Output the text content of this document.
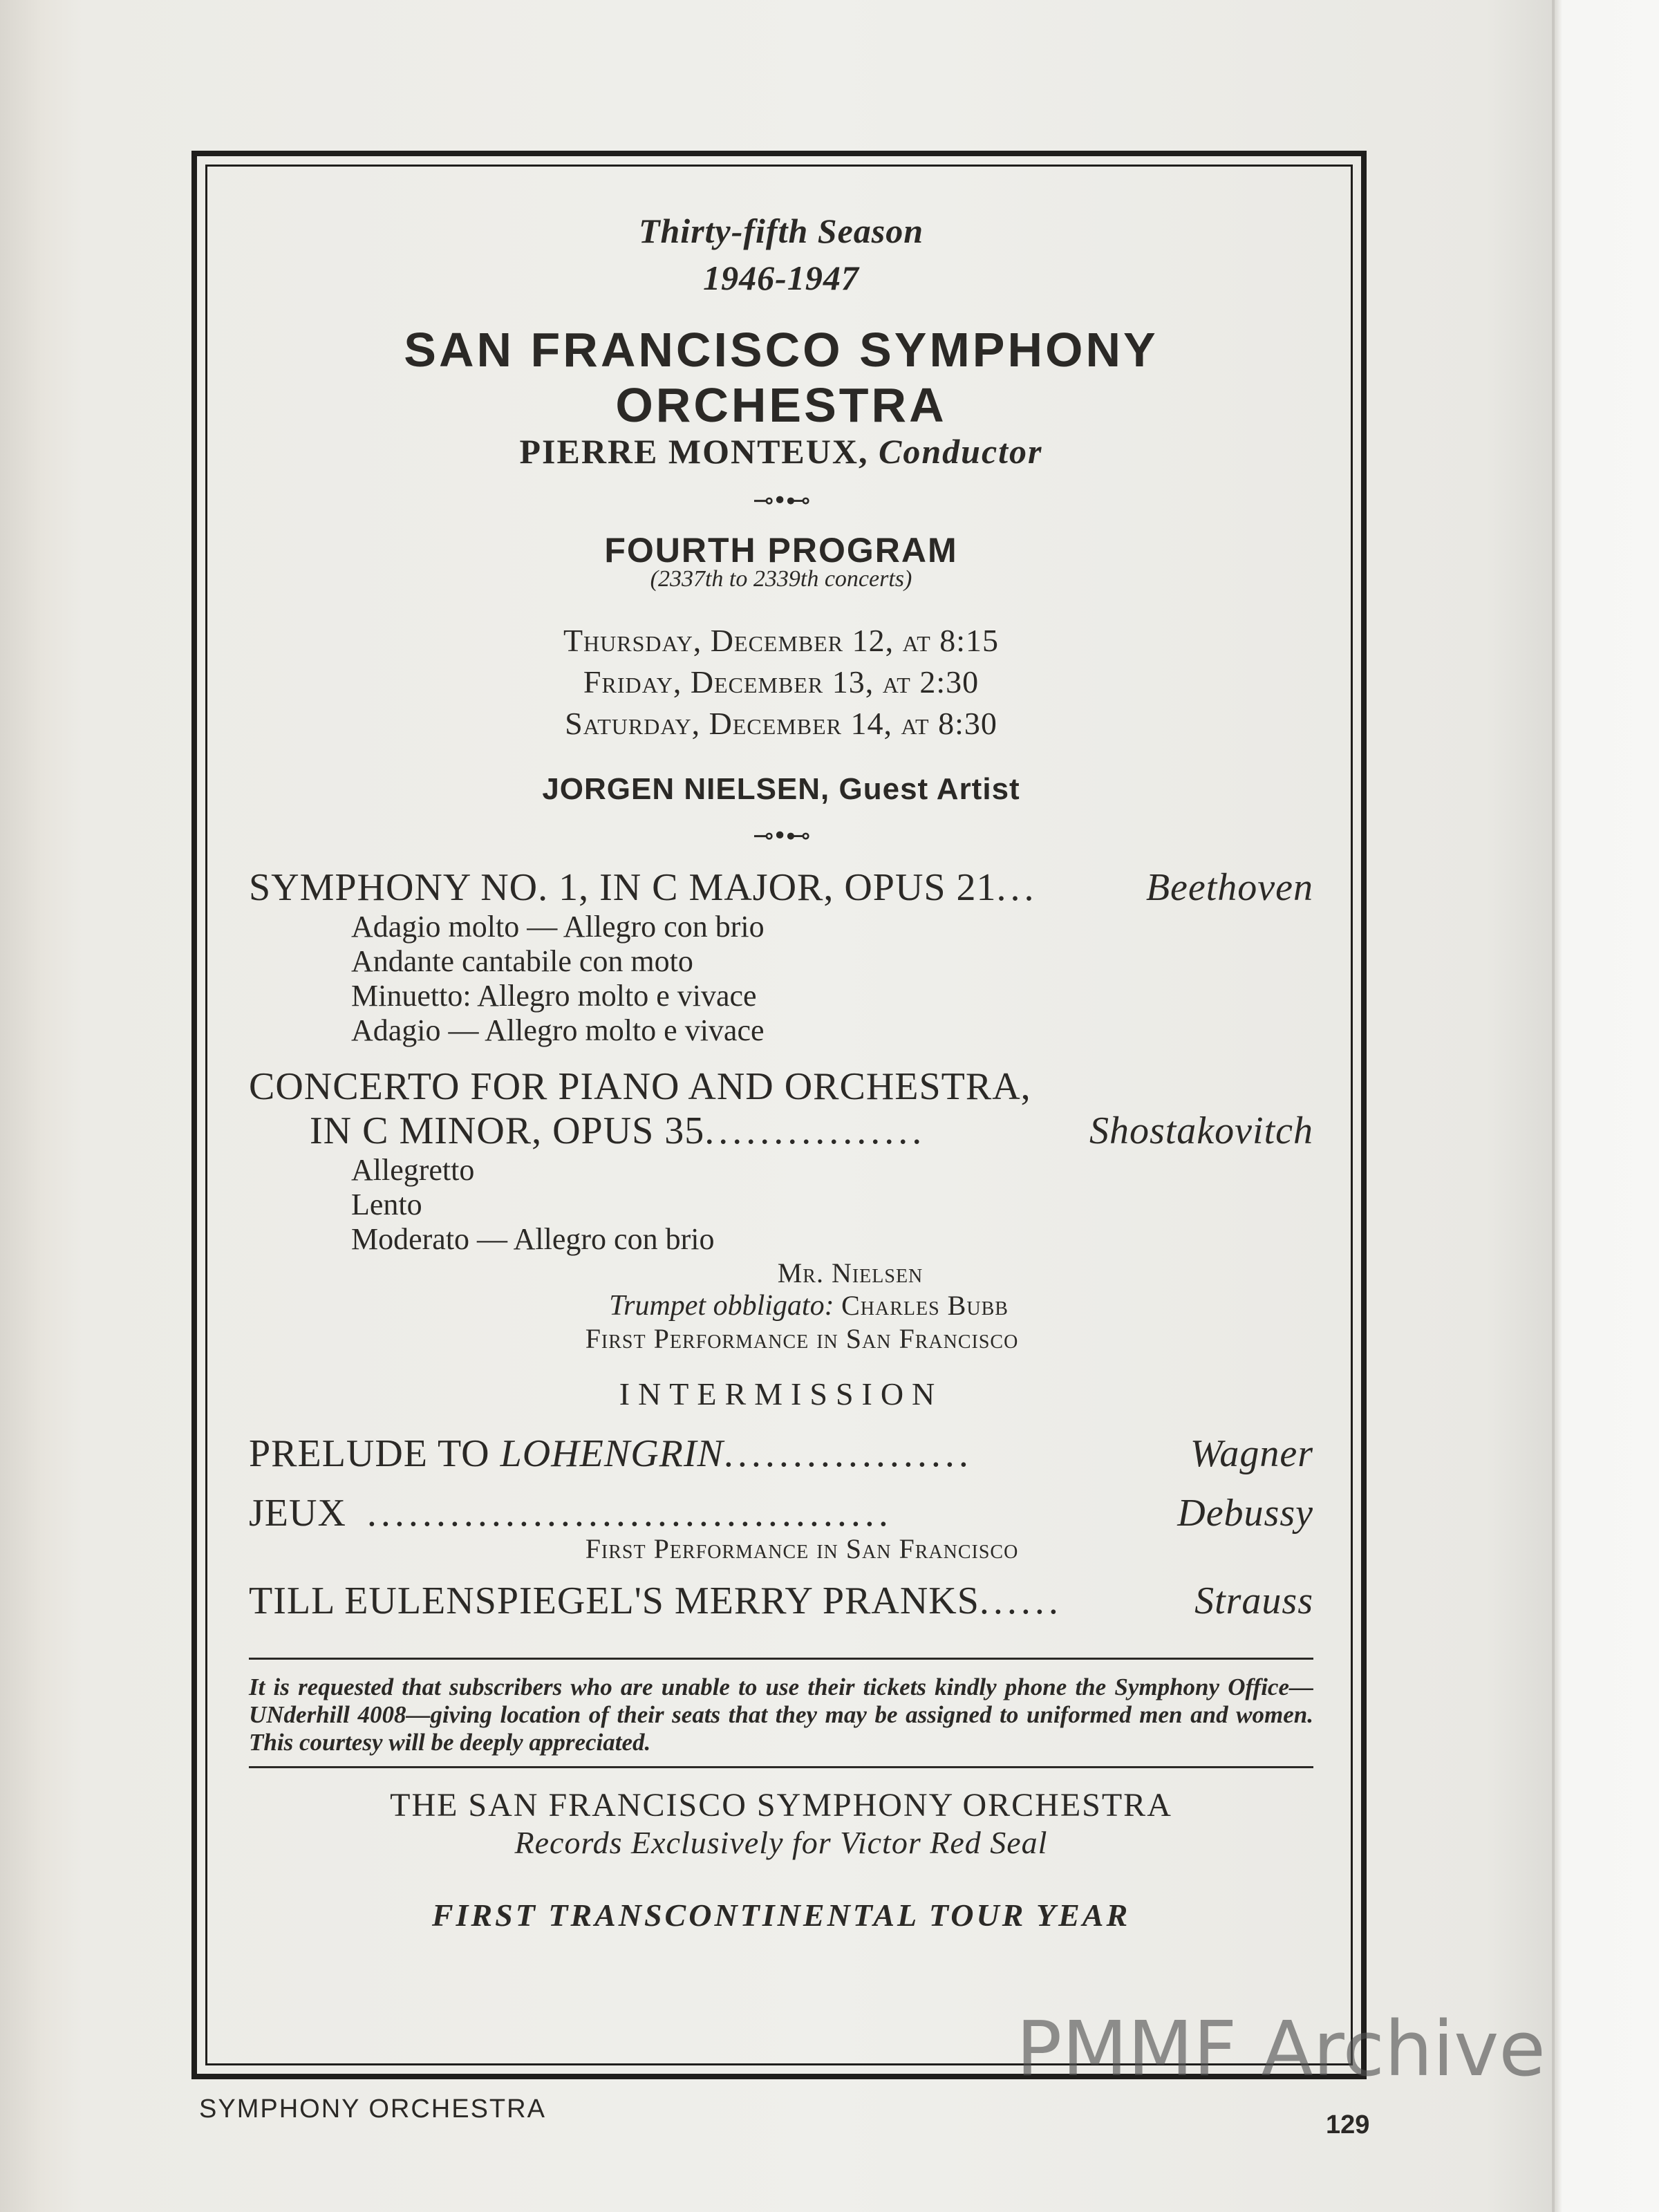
Thirty-fifth Season
1946-1947
SAN FRANCISCO SYMPHONY ORCHESTRA
PIERRE MONTEUX, Conductor
⊸•⊷
FOURTH PROGRAM
(2337th to 2339th concerts)
Thursday, December 12, at 8:15
Friday, December 13, at 2:30
Saturday, December 14, at 8:30
JORGEN NIELSEN, Guest Artist
⊸•⊷
SYMPHONY NO. 1, IN C MAJOR, OPUS 21 ...	Beethoven
Adagio molto — Allegro con brio
Andante cantabile con moto
Minuetto: Allegro molto e vivace
Adagio — Allegro molto e vivace
CONCERTO FOR PIANO AND ORCHESTRA,
IN C MINOR, OPUS 35 ................	Shostakovitch
Allegretto
Lento
Moderato — Allegro con brio
Mr. Nielsen
Trumpet obbligato: Charles Bubb
First Performance in San Francisco
INTERMISSION
PRELUDE TO
LOHENGRIN ..................	Wagner
JEUX
......................................	Debussy
First Performance in San Francisco
TILL EULENSPIEGEL'S MERRY PRANKS ......	Strauss
It is requested that subscribers who are unable to use their tickets kindly phone the Symphony Office—UNderhill 4008—giving location of their seats that they may be assigned to uniformed men and women. This courtesy will be deeply appreciated.
THE SAN FRANCISCO SYMPHONY ORCHESTRA
Records Exclusively for Victor Red Seal
FIRST TRANSCONTINENTAL TOUR YEAR
SYMPHONY ORCHESTRA
129
PMMF Archive
